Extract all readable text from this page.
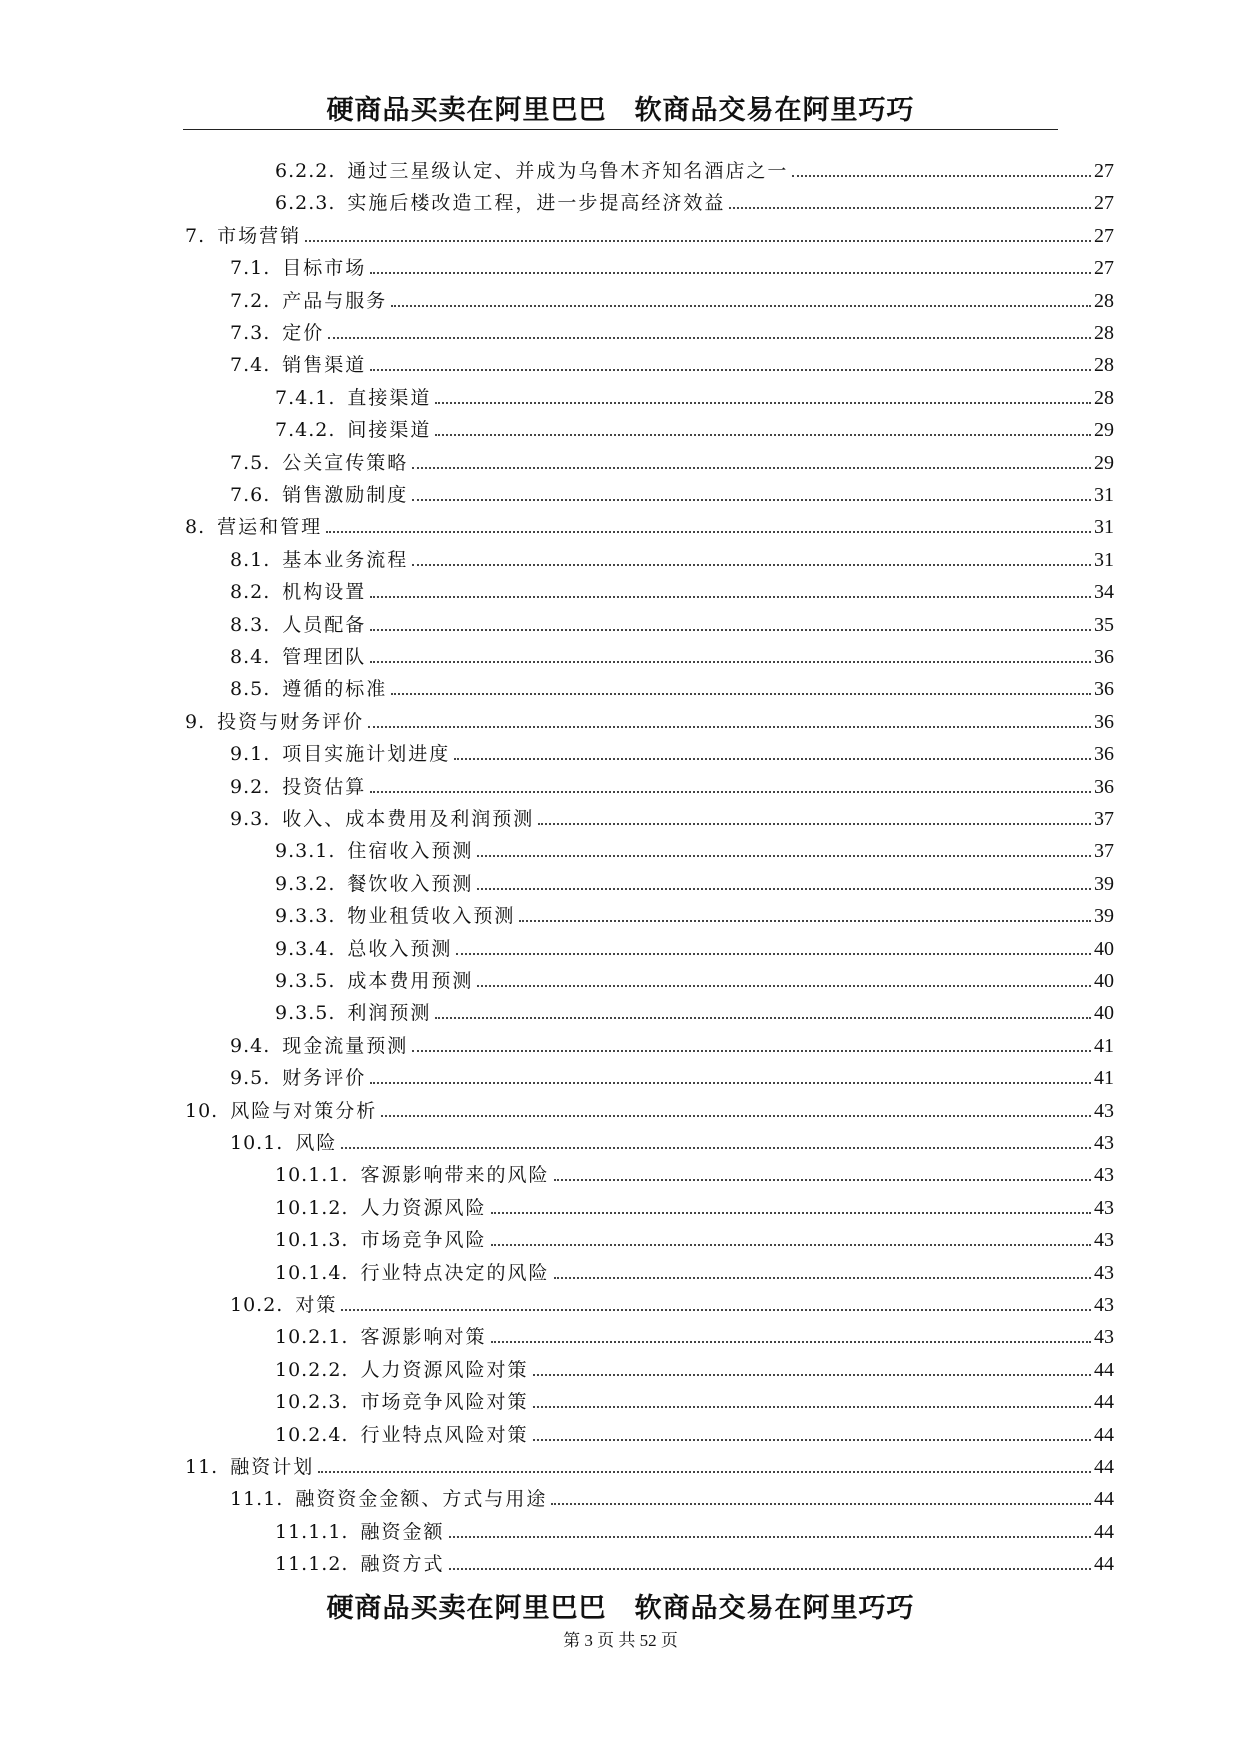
硬商品买卖在阿里巴巴 软商品交易在阿里巧巧
6.2.2. 通过三星级认定、并成为乌鲁木齐知名酒店之一	27
6.2.3. 实施后楼改造工程，进一步提高经济效益	27
7. 市场营销	27
7.1. 目标市场	27
7.2. 产品与服务	28
7.3. 定价	28
7.4. 销售渠道	28
7.4.1. 直接渠道	28
7.4.2. 间接渠道	29
7.5. 公关宣传策略	29
7.6. 销售激励制度	31
8. 营运和管理	31
8.1. 基本业务流程	31
8.2. 机构设置	34
8.3. 人员配备	35
8.4. 管理团队	36
8.5. 遵循的标准	36
9. 投资与财务评价	36
9.1. 项目实施计划进度	36
9.2. 投资估算	36
9.3. 收入、成本费用及利润预测	37
9.3.1. 住宿收入预测	37
9.3.2. 餐饮收入预测	39
9.3.3. 物业租赁收入预测	39
9.3.4. 总收入预测	40
9.3.5. 成本费用预测	40
9.3.5. 利润预测	40
9.4. 现金流量预测	41
9.5. 财务评价	41
10. 风险与对策分析	43
10.1. 风险	43
10.1.1. 客源影响带来的风险	43
10.1.2. 人力资源风险	43
10.1.3. 市场竞争风险	43
10.1.4. 行业特点决定的风险	43
10.2. 对策	43
10.2.1. 客源影响对策	43
10.2.2. 人力资源风险对策	44
10.2.3. 市场竞争风险对策	44
10.2.4. 行业特点风险对策	44
11. 融资计划	44
11.1. 融资资金金额、方式与用途	44
11.1.1. 融资金额	44
11.1.2. 融资方式	44
硬商品买卖在阿里巴巴 软商品交易在阿里巧巧
第 3 页 共 52 页
